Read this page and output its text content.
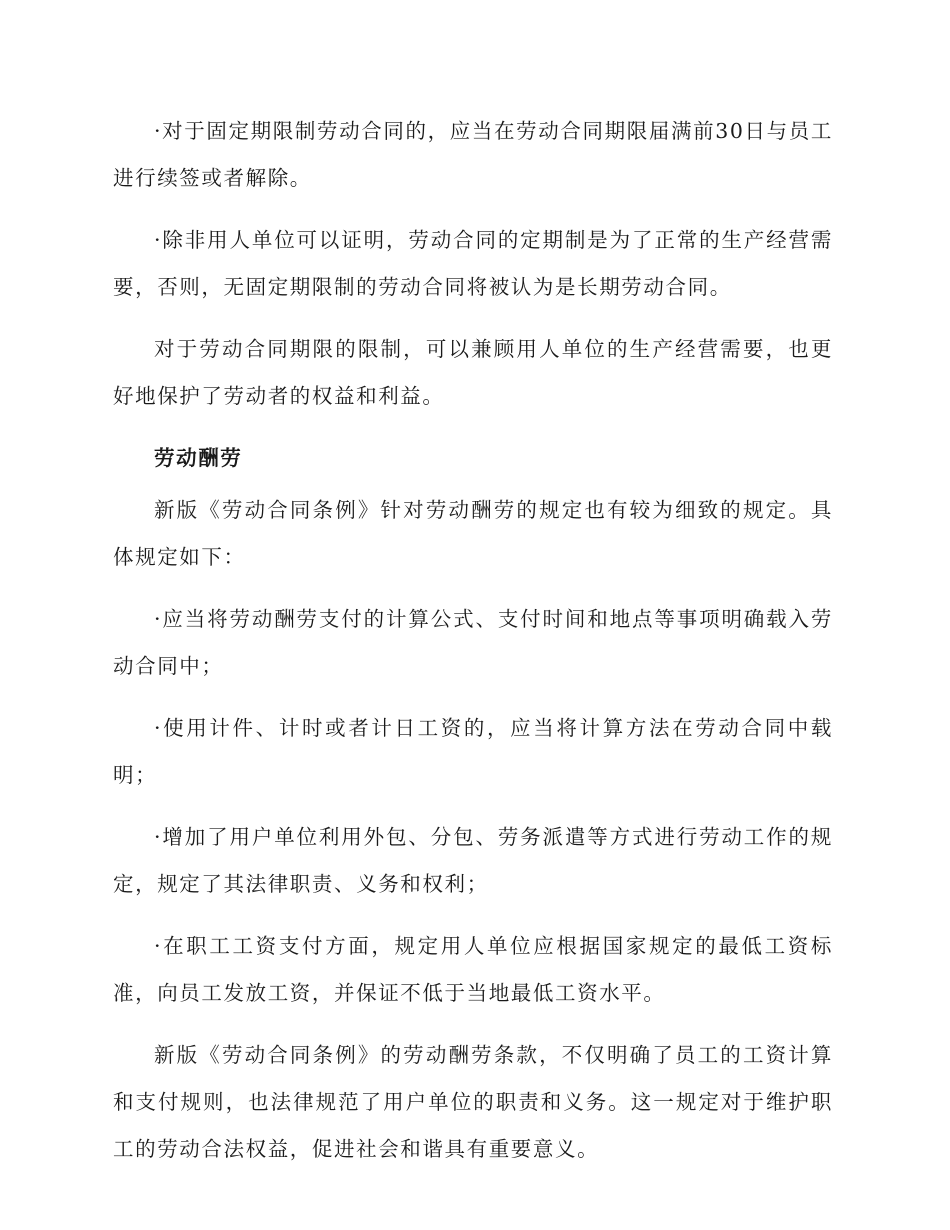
·对于固定期限制劳动合同的，应当在劳动合同期限届满前30日与员工进行续签或者解除。

·除非用人单位可以证明，劳动合同的定期制是为了正常的生产经营需要，否则，无固定期限制的劳动合同将被认为是长期劳动合同。

对于劳动合同期限的限制，可以兼顾用人单位的生产经营需要，也更好地保护了劳动者的权益和利益。

劳动酬劳

新版《劳动合同条例》针对劳动酬劳的规定也有较为细致的规定。具体规定如下：

·应当将劳动酬劳支付的计算公式、支付时间和地点等事项明确载入劳动合同中；

·使用计件、计时或者计日工资的，应当将计算方法在劳动合同中载明；

·增加了用户单位利用外包、分包、劳务派遣等方式进行劳动工作的规定，规定了其法律职责、义务和权利；

·在职工工资支付方面，规定用人单位应根据国家规定的最低工资标准，向员工发放工资，并保证不低于当地最低工资水平。

新版《劳动合同条例》的劳动酬劳条款，不仅明确了员工的工资计算和支付规则，也法律规范了用户单位的职责和义务。这一规定对于维护职工的劳动合法权益，促进社会和谐具有重要意义。
